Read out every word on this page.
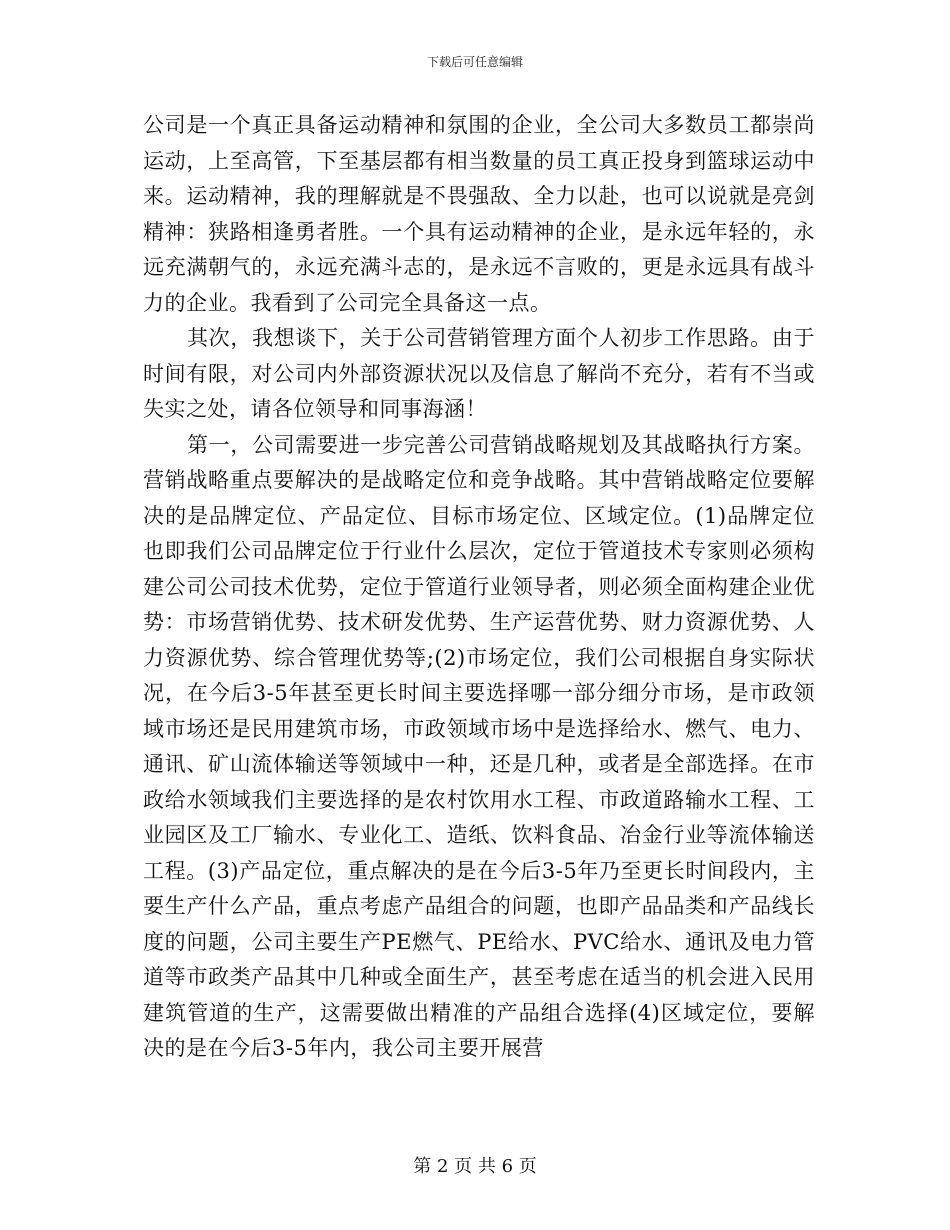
下载后可任意编辑

公司是一个真正具备运动精神和氛围的企业，全公司大多数员工都崇尚运动，上至高管，下至基层都有相当数量的员工真正投身到篮球运动中来。运动精神，我的理解就是不畏强敌、全力以赴，也可以说就是亮剑精神：狭路相逢勇者胜。一个具有运动精神的企业，是永远年轻的，永远充满朝气的，永远充满斗志的，是永远不言败的，更是永远具有战斗力的企业。我看到了公司完全具备这一点。

其次，我想谈下，关于公司营销管理方面个人初步工作思路。由于时间有限，对公司内外部资源状况以及信息了解尚不充分，若有不当或失实之处，请各位领导和同事海涵！

第一，公司需要进一步完善公司营销战略规划及其战略执行方案。营销战略重点要解决的是战略定位和竞争战略。其中营销战略定位要解决的是品牌定位、产品定位、目标市场定位、区域定位。(1)品牌定位也即我们公司品牌定位于行业什么层次，定位于管道技术专家则必须构建公司公司技术优势，定位于管道行业领导者，则必须全面构建企业优势：市场营销优势、技术研发优势、生产运营优势、财力资源优势、人力资源优势、综合管理优势等;(2)市场定位，我们公司根据自身实际状况，在今后3-5年甚至更长时间主要选择哪一部分细分市场，是市政领域市场还是民用建筑市场，市政领域市场中是选择给水、燃气、电力、通讯、矿山流体输送等领域中一种，还是几种，或者是全部选择。在市政给水领域我们主要选择的是农村饮用水工程、市政道路输水工程、工业园区及工厂输水、专业化工、造纸、饮料食品、冶金行业等流体输送工程。(3)产品定位，重点解决的是在今后3-5年乃至更长时间段内，主要生产什么产品，重点考虑产品组合的问题，也即产品品类和产品线长度的问题，公司主要生产PE燃气、PE给水、PVC给水、通讯及电力管道等市政类产品其中几种或全面生产，甚至考虑在适当的机会进入民用建筑管道的生产，这需要做出精准的产品组合选择(4)区域定位，要解决的是在今后3-5年内，我公司主要开展营

第 2 页 共 6 页
